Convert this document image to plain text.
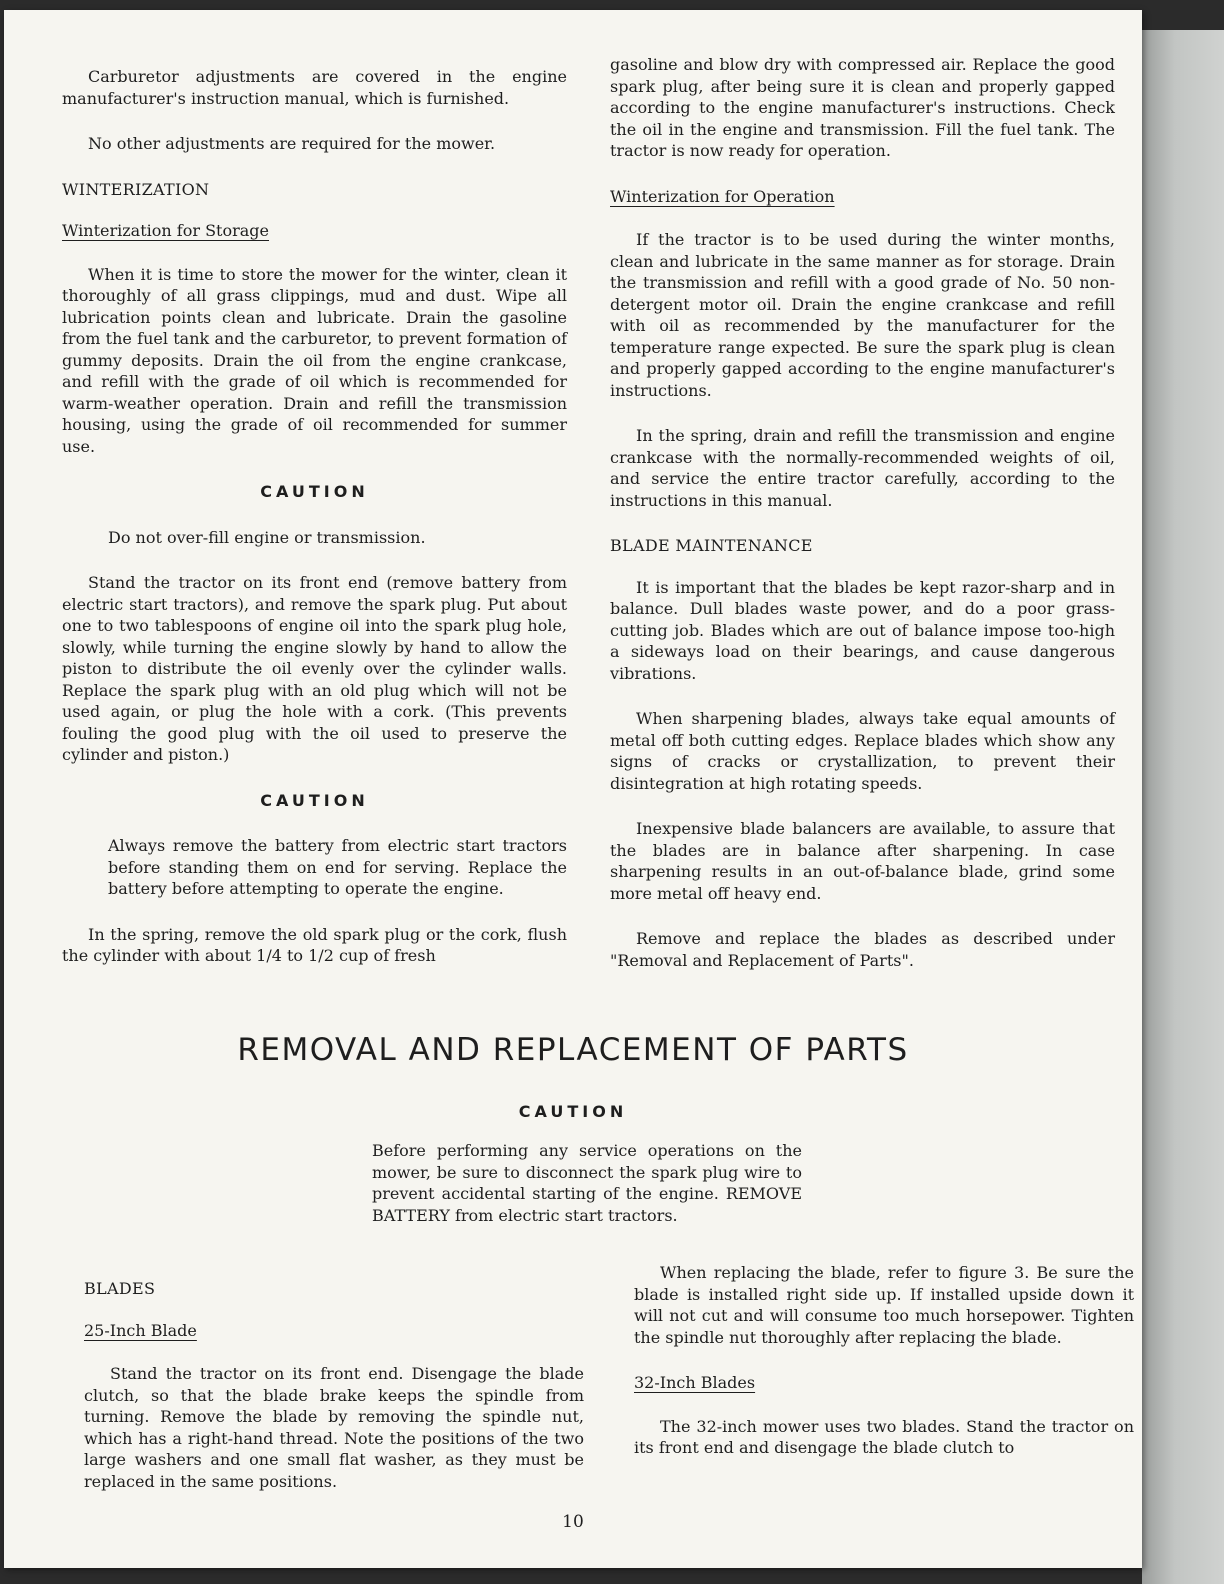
Carburetor adjustments are covered in the engine manufacturer's instruction manual, which is furnished.

No other adjustments are required for the mower.

WINTERIZATION
Winterization for Storage

When it is time to store the mower for the winter, clean it thoroughly of all grass clippings, mud and dust. Wipe all lubrication points clean and lubricate. Drain the gasoline from the fuel tank and the carburetor, to prevent formation of gummy deposits. Drain the oil from the engine crankcase, and refill with the grade of oil which is recommended for warm-weather operation. Drain and refill the transmission housing, using the grade of oil recommended for summer use.

CAUTION

Do not over-fill engine or transmission.

Stand the tractor on its front end (remove battery from electric start tractors), and remove the spark plug. Put about one to two tablespoons of engine oil into the spark plug hole, slowly, while turning the engine slowly by hand to allow the piston to distribute the oil evenly over the cylinder walls. Replace the spark plug with an old plug which will not be used again, or plug the hole with a cork. (This prevents fouling the good plug with the oil used to preserve the cylinder and piston.)

CAUTION

Always remove the battery from electric start tractors before standing them on end for serving. Replace the battery before attempting to operate the engine.

In the spring, remove the old spark plug or the cork, flush the cylinder with about 1/4 to 1/2 cup of fresh

gasoline and blow dry with compressed air. Replace the good spark plug, after being sure it is clean and properly gapped according to the engine manufacturer's instructions. Check the oil in the engine and transmission. Fill the fuel tank. The tractor is now ready for operation.

Winterization for Operation

If the tractor is to be used during the winter months, clean and lubricate in the same manner as for storage. Drain the transmission and refill with a good grade of No. 50 non-detergent motor oil. Drain the engine crankcase and refill with oil as recommended by the manufacturer for the temperature range expected. Be sure the spark plug is clean and properly gapped according to the engine manufacturer's instructions.

In the spring, drain and refill the transmission and engine crankcase with the normally-recommended weights of oil, and service the entire tractor carefully, according to the instructions in this manual.

BLADE MAINTENANCE

It is important that the blades be kept razor-sharp and in balance. Dull blades waste power, and do a poor grass-cutting job. Blades which are out of balance impose too-high a sideways load on their bearings, and cause dangerous vibrations.

When sharpening blades, always take equal amounts of metal off both cutting edges. Replace blades which show any signs of cracks or crystallization, to prevent their disintegration at high rotating speeds.

Inexpensive blade balancers are available, to assure that the blades are in balance after sharpening. In case sharpening results in an out-of-balance blade, grind some more metal off heavy end.

Remove and replace the blades as described under "Removal and Replacement of Parts".

REMOVAL AND REPLACEMENT OF PARTS
CAUTION
Before performing any service operations on the mower, be sure to disconnect the spark plug wire to prevent accidental starting of the engine. REMOVE BATTERY from electric start tractors.
BLADES
25-Inch Blade

Stand the tractor on its front end. Disengage the blade clutch, so that the blade brake keeps the spindle from turning. Remove the blade by removing the spindle nut, which has a right-hand thread. Note the positions of the two large washers and one small flat washer, as they must be replaced in the same positions.

When replacing the blade, refer to figure 3. Be sure the blade is installed right side up. If installed upside down it will not cut and will consume too much horsepower. Tighten the spindle nut thoroughly after replacing the blade.

32-Inch Blades

The 32-inch mower uses two blades. Stand the tractor on its front end and disengage the blade clutch to

10
